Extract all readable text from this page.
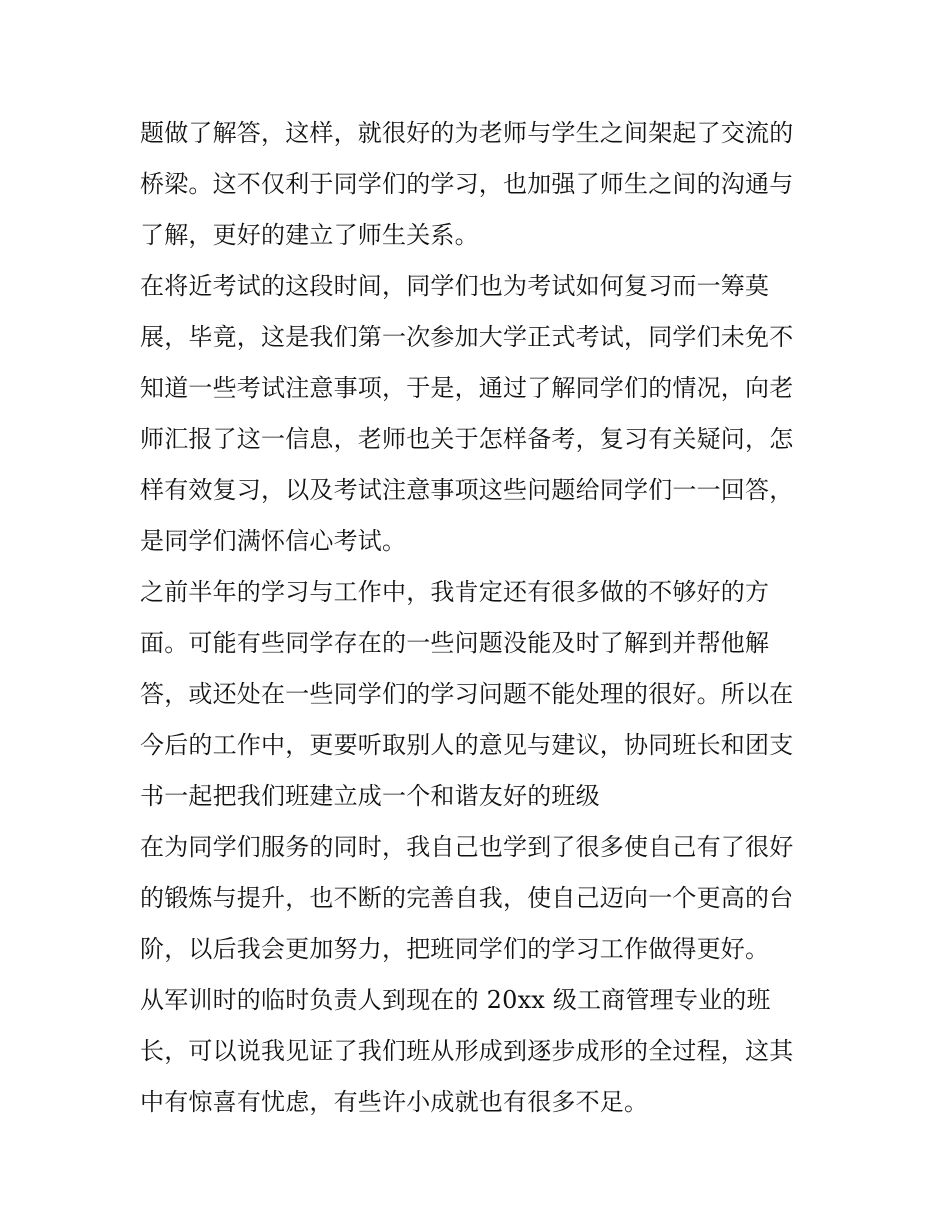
题做了解答，这样，就很好的为老师与学生之间架起了交流的
桥梁。这不仅利于同学们的学习，也加强了师生之间的沟通与
了解，更好的建立了师生关系。
在将近考试的这段时间，同学们也为考试如何复习而一筹莫
展，毕竟，这是我们第一次参加大学正式考试，同学们未免不
知道一些考试注意事项，于是，通过了解同学们的情况，向老
师汇报了这一信息，老师也关于怎样备考，复习有关疑问，怎
样有效复习，以及考试注意事项这些问题给同学们一一回答，
是同学们满怀信心考试。
之前半年的学习与工作中，我肯定还有很多做的不够好的方
面。可能有些同学存在的一些问题没能及时了解到并帮他解
答，或还处在一些同学们的学习问题不能处理的很好。所以在
今后的工作中，更要听取别人的意见与建议，协同班长和团支
书一起把我们班建立成一个和谐友好的班级
在为同学们服务的同时，我自己也学到了很多使自己有了很好
的锻炼与提升，也不断的完善自我，使自己迈向一个更高的台
阶，以后我会更加努力，把班同学们的学习工作做得更好。
从军训时的临时负责人到现在的 20xx 级工商管理专业的班
长，可以说我见证了我们班从形成到逐步成形的全过程，这其
中有惊喜有忧虑，有些许小成就也有很多不足。
